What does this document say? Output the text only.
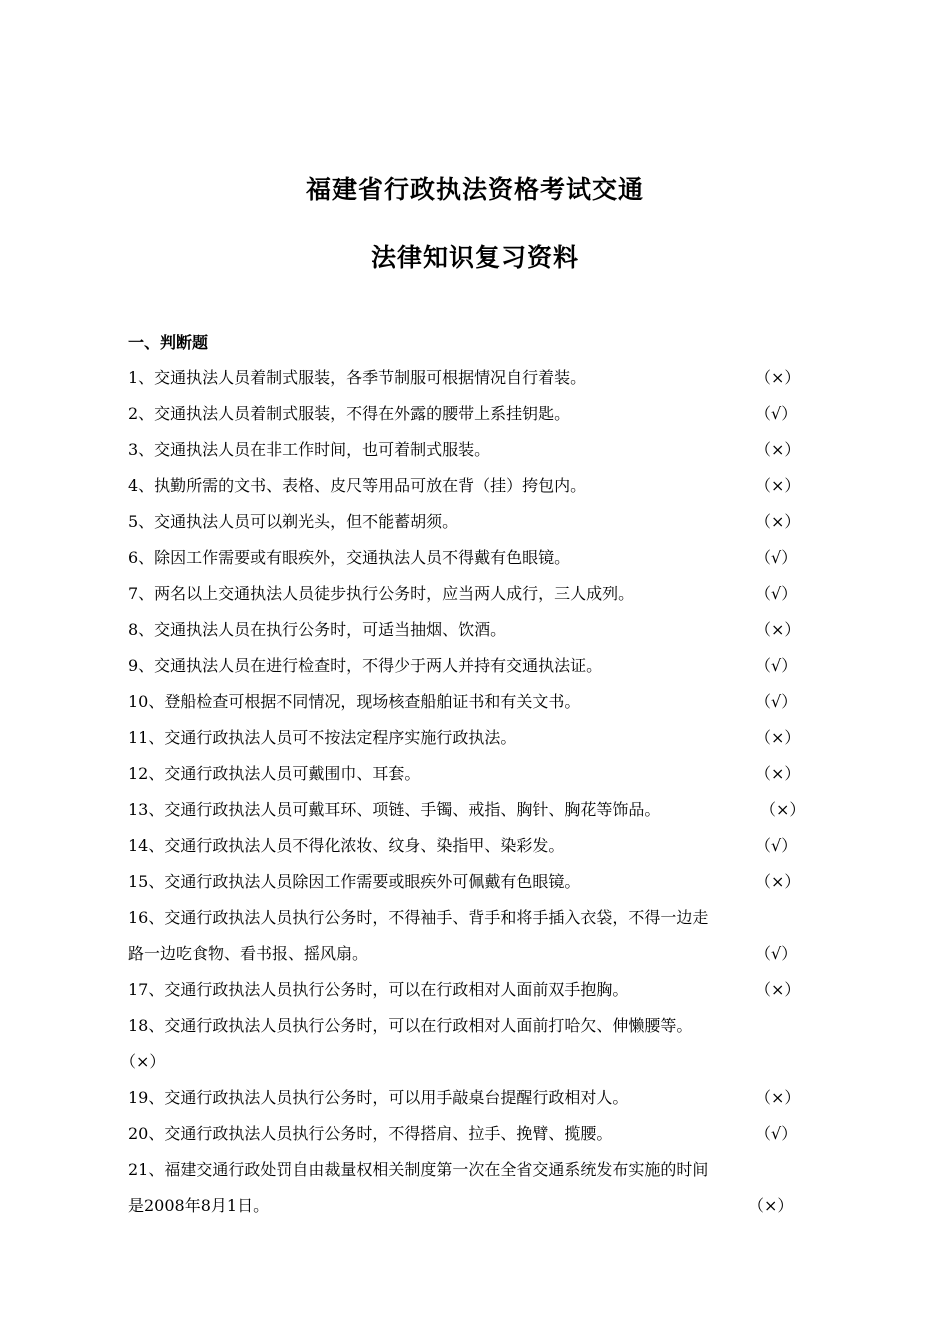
福建省行政执法资格考试交通
法律知识复习资料
一、判断题
1、交通执法人员着制式服装，各季节制服可根据情况自行着装。	（×）
2、交通执法人员着制式服装，不得在外露的腰带上系挂钥匙。	（√）
3、交通执法人员在非工作时间，也可着制式服装。	（×）
4、执勤所需的文书、表格、皮尺等用品可放在背（挂）挎包内。	（×）
5、交通执法人员可以剃光头，但不能蓄胡须。	（×）
6、除因工作需要或有眼疾外，交通执法人员不得戴有色眼镜。	（√）
7、两名以上交通执法人员徒步执行公务时，应当两人成行，三人成列。	（√）
8、交通执法人员在执行公务时，可适当抽烟、饮酒。	（×）
9、交通执法人员在进行检查时，不得少于两人并持有交通执法证。	（√）
10、登船检查可根据不同情况，现场核查船舶证书和有关文书。	（√）
11、交通行政执法人员可不按法定程序实施行政执法。	（×）
12、交通行政执法人员可戴围巾、耳套。	（×）
13、交通行政执法人员可戴耳环、项链、手镯、戒指、胸针、胸花等饰品。	（×）
14、交通行政执法人员不得化浓妆、纹身、染指甲、染彩发。	（√）
15、交通行政执法人员除因工作需要或眼疾外可佩戴有色眼镜。	（×）
16、交通行政执法人员执行公务时，不得袖手、背手和将手插入衣袋，不得一边走
路一边吃食物、看书报、摇风扇。	（√）
17、交通行政执法人员执行公务时，可以在行政相对人面前双手抱胸。	（×）
18、交通行政执法人员执行公务时，可以在行政相对人面前打哈欠、伸懒腰等。
（×）
19、交通行政执法人员执行公务时，可以用手敲桌台提醒行政相对人。	（×）
20、交通行政执法人员执行公务时，不得搭肩、拉手、挽臂、揽腰。	（√）
21、福建交通行政处罚自由裁量权相关制度第一次在全省交通系统发布实施的时间
是2008年8月1日。	（×）
